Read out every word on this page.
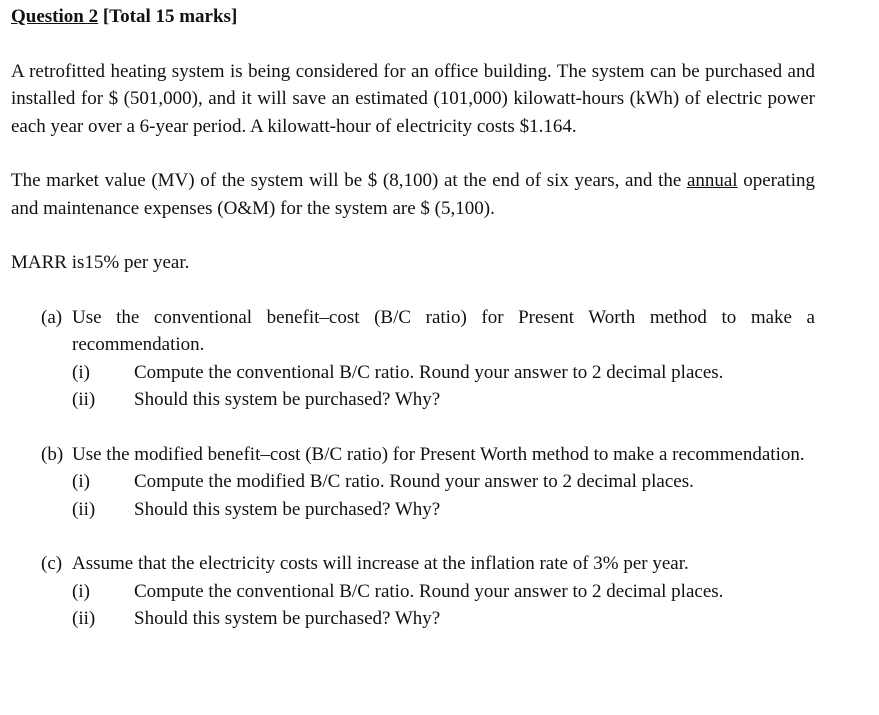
Question 2 [Total 15 marks]

A retrofitted heating system is being considered for an office building. The system can be purchased and installed for $ (501,000), and it will save an estimated (101,000) kilowatt-hours (kWh) of electric power each year over a 6-year period. A kilowatt-hour of electricity costs $1.164.

The market value (MV) of the system will be $ (8,100) at the end of six years, and the annual operating and maintenance expenses (O&M) for the system are $ (5,100).

MARR is15% per year.

(a) Use the conventional benefit–cost (B/C ratio) for Present Worth method to make a recommendation.
(i) Compute the conventional B/C ratio. Round your answer to 2 decimal places.
(ii) Should this system be purchased? Why?
(b) Use the modified benefit–cost (B/C ratio) for Present Worth method to make a recommendation.
(i) Compute the modified B/C ratio. Round your answer to 2 decimal places.
(ii) Should this system be purchased? Why?
(c) Assume that the electricity costs will increase at the inflation rate of 3% per year.
(i) Compute the conventional B/C ratio. Round your answer to 2 decimal places.
(ii) Should this system be purchased? Why?
